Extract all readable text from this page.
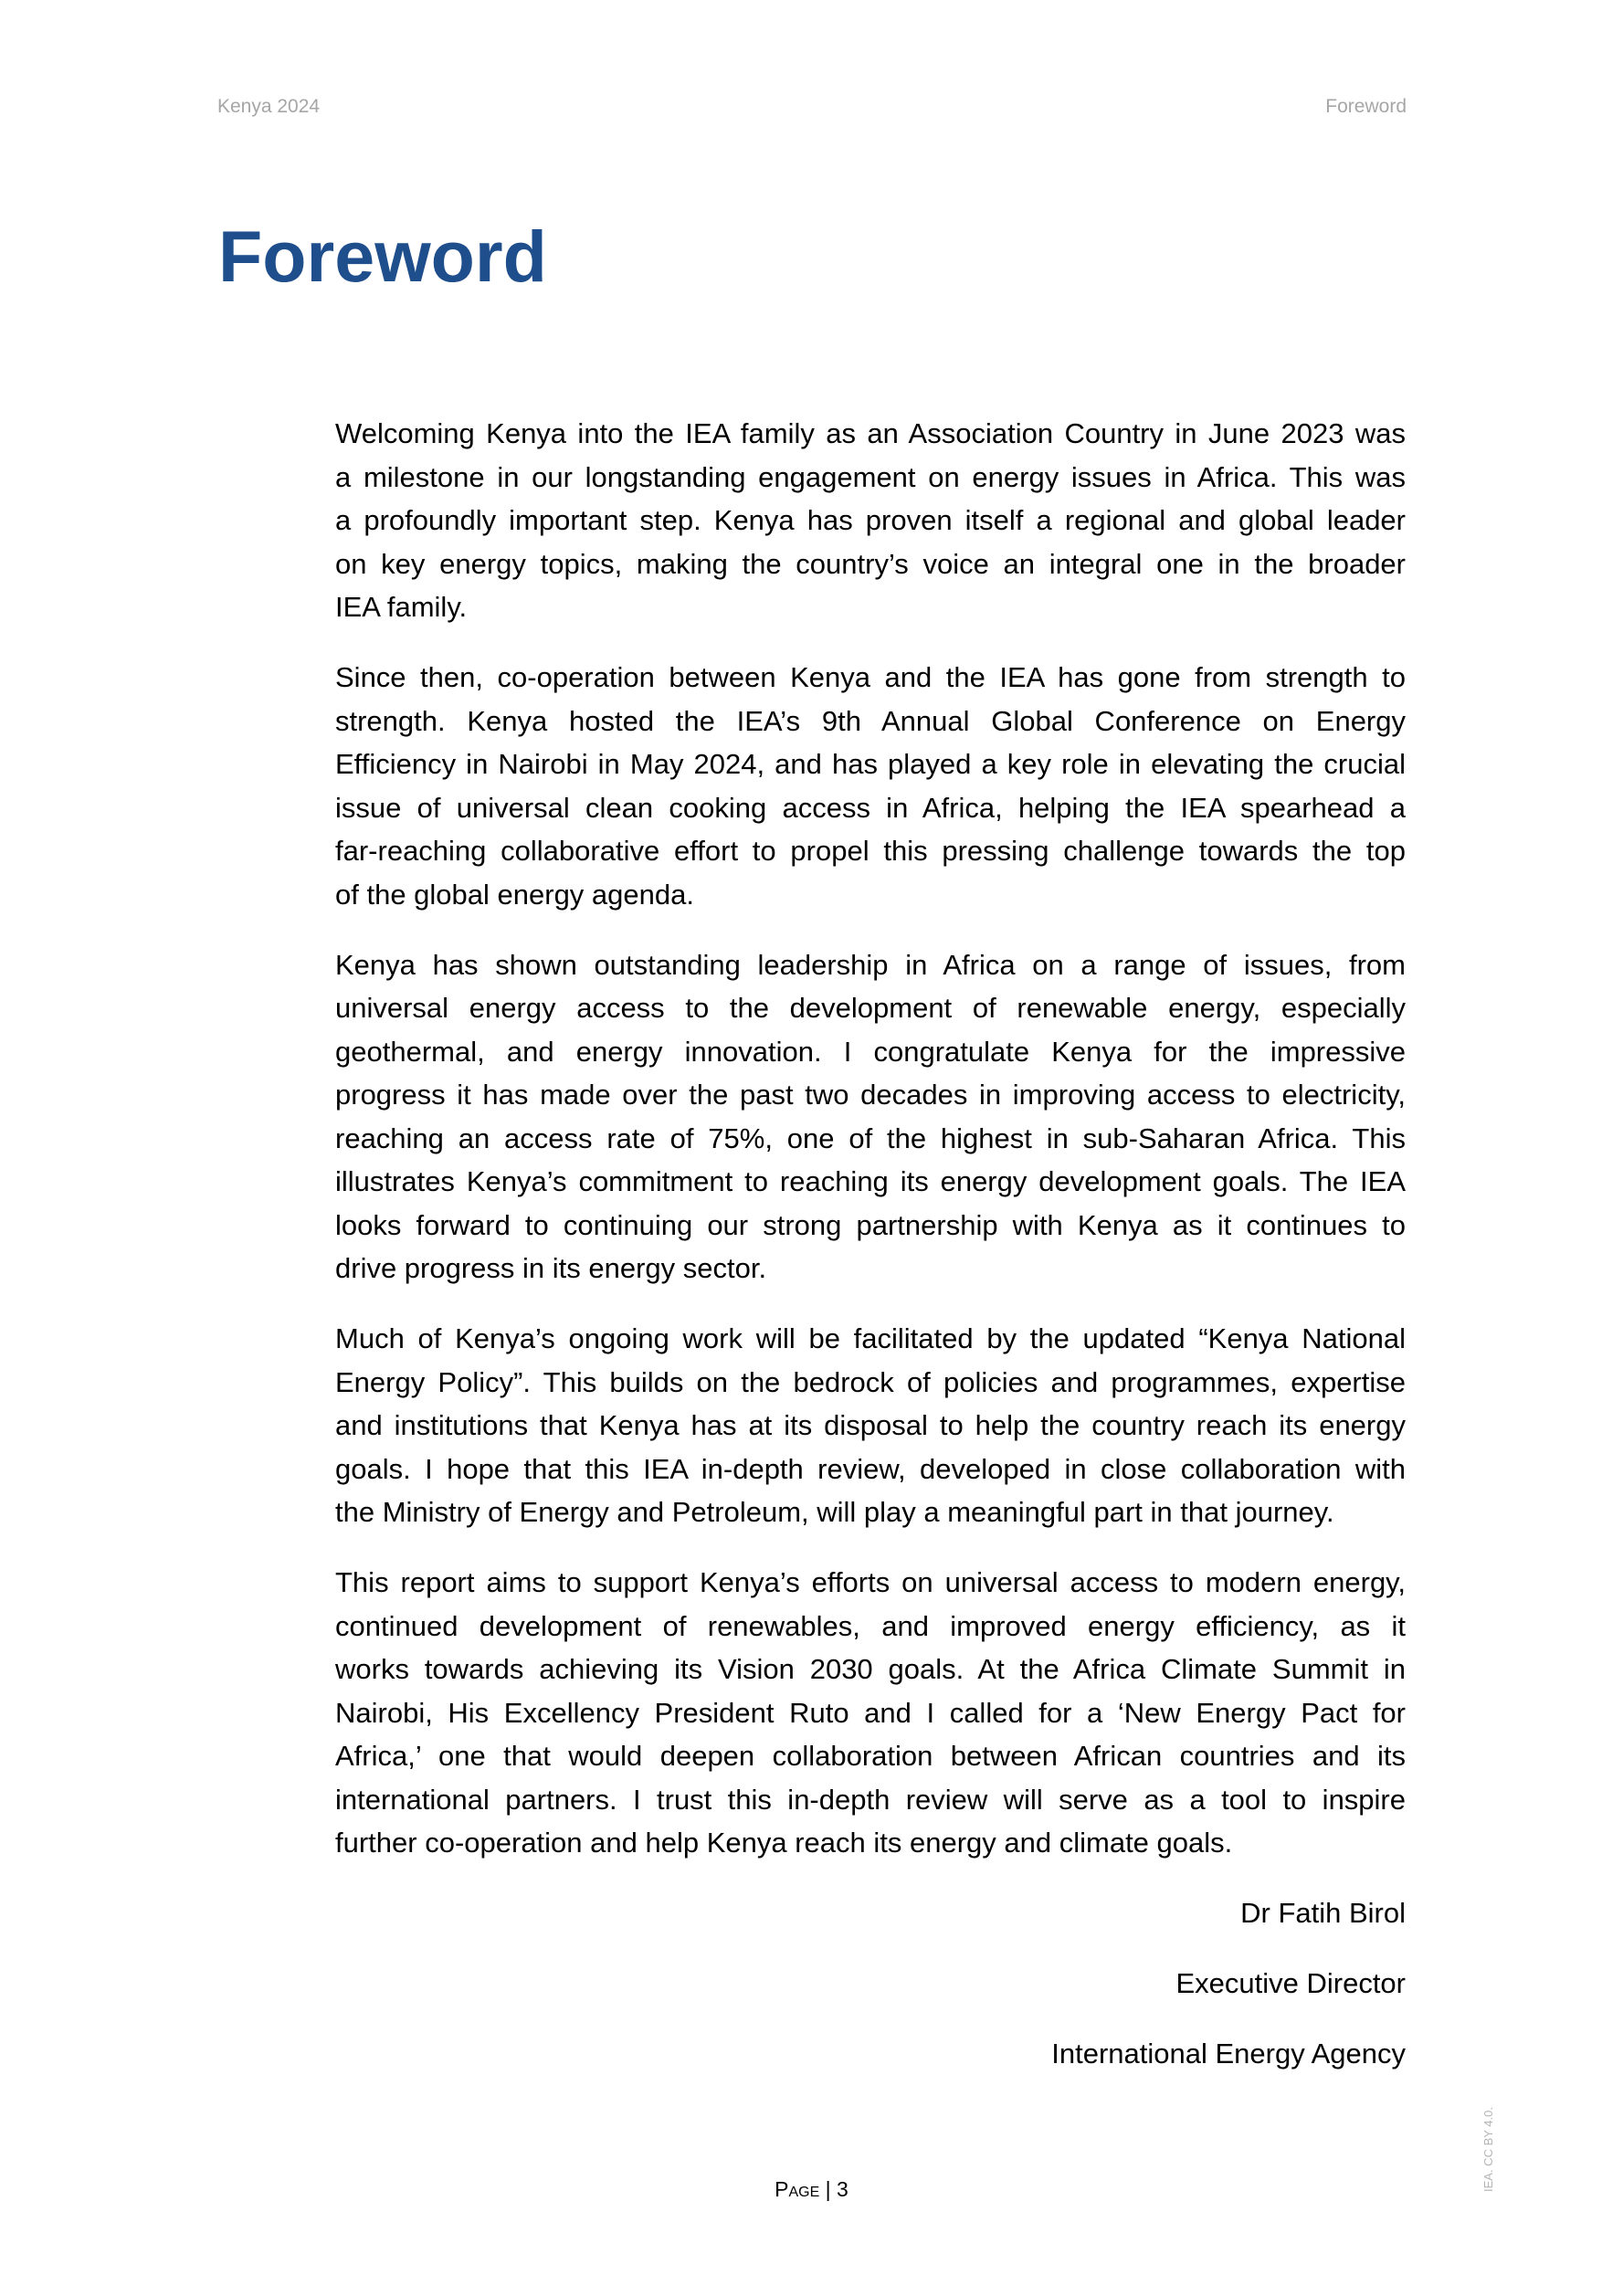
Kenya 2024	Foreword
Foreword

Welcoming Kenya into the IEA family as an Association Country in June 2023 was
a milestone in our longstanding engagement on energy issues in Africa. This was
a profoundly important step. Kenya has proven itself a regional and global leader
on key energy topics, making the country’s voice an integral one in the broader
IEA family.

Since then, co-operation between Kenya and the IEA has gone from strength to
strength. Kenya hosted the IEA’s 9th Annual Global Conference on Energy
Efficiency in Nairobi in May 2024, and has played a key role in elevating the crucial
issue of universal clean cooking access in Africa, helping the IEA spearhead a
far-reaching collaborative effort to propel this pressing challenge towards the top
of the global energy agenda.

Kenya has shown outstanding leadership in Africa on a range of issues, from
universal energy access to the development of renewable energy, especially
geothermal, and energy innovation. I congratulate Kenya for the impressive
progress it has made over the past two decades in improving access to electricity,
reaching an access rate of 75%, one of the highest in sub-Saharan Africa. This
illustrates Kenya’s commitment to reaching its energy development goals. The IEA
looks forward to continuing our strong partnership with Kenya as it continues to
drive progress in its energy sector.

Much of Kenya’s ongoing work will be facilitated by the updated “Kenya National
Energy Policy”. This builds on the bedrock of policies and programmes, expertise
and institutions that Kenya has at its disposal to help the country reach its energy
goals. I hope that this IEA in-depth review, developed in close collaboration with
the Ministry of Energy and Petroleum, will play a meaningful part in that journey.

This report aims to support Kenya’s efforts on universal access to modern energy,
continued development of renewables, and improved energy efficiency, as it
works towards achieving its Vision 2030 goals. At the Africa Climate Summit in
Nairobi, His Excellency President Ruto and I called for a ‘New Energy Pact for
Africa,’ one that would deepen collaboration between African countries and its
international partners. I trust this in-depth review will serve as a tool to inspire
further co-operation and help Kenya reach its energy and climate goals.

Dr Fatih Birol
Executive Director
International Energy Agency
Page | 3	IEA. CC BY 4.0.
